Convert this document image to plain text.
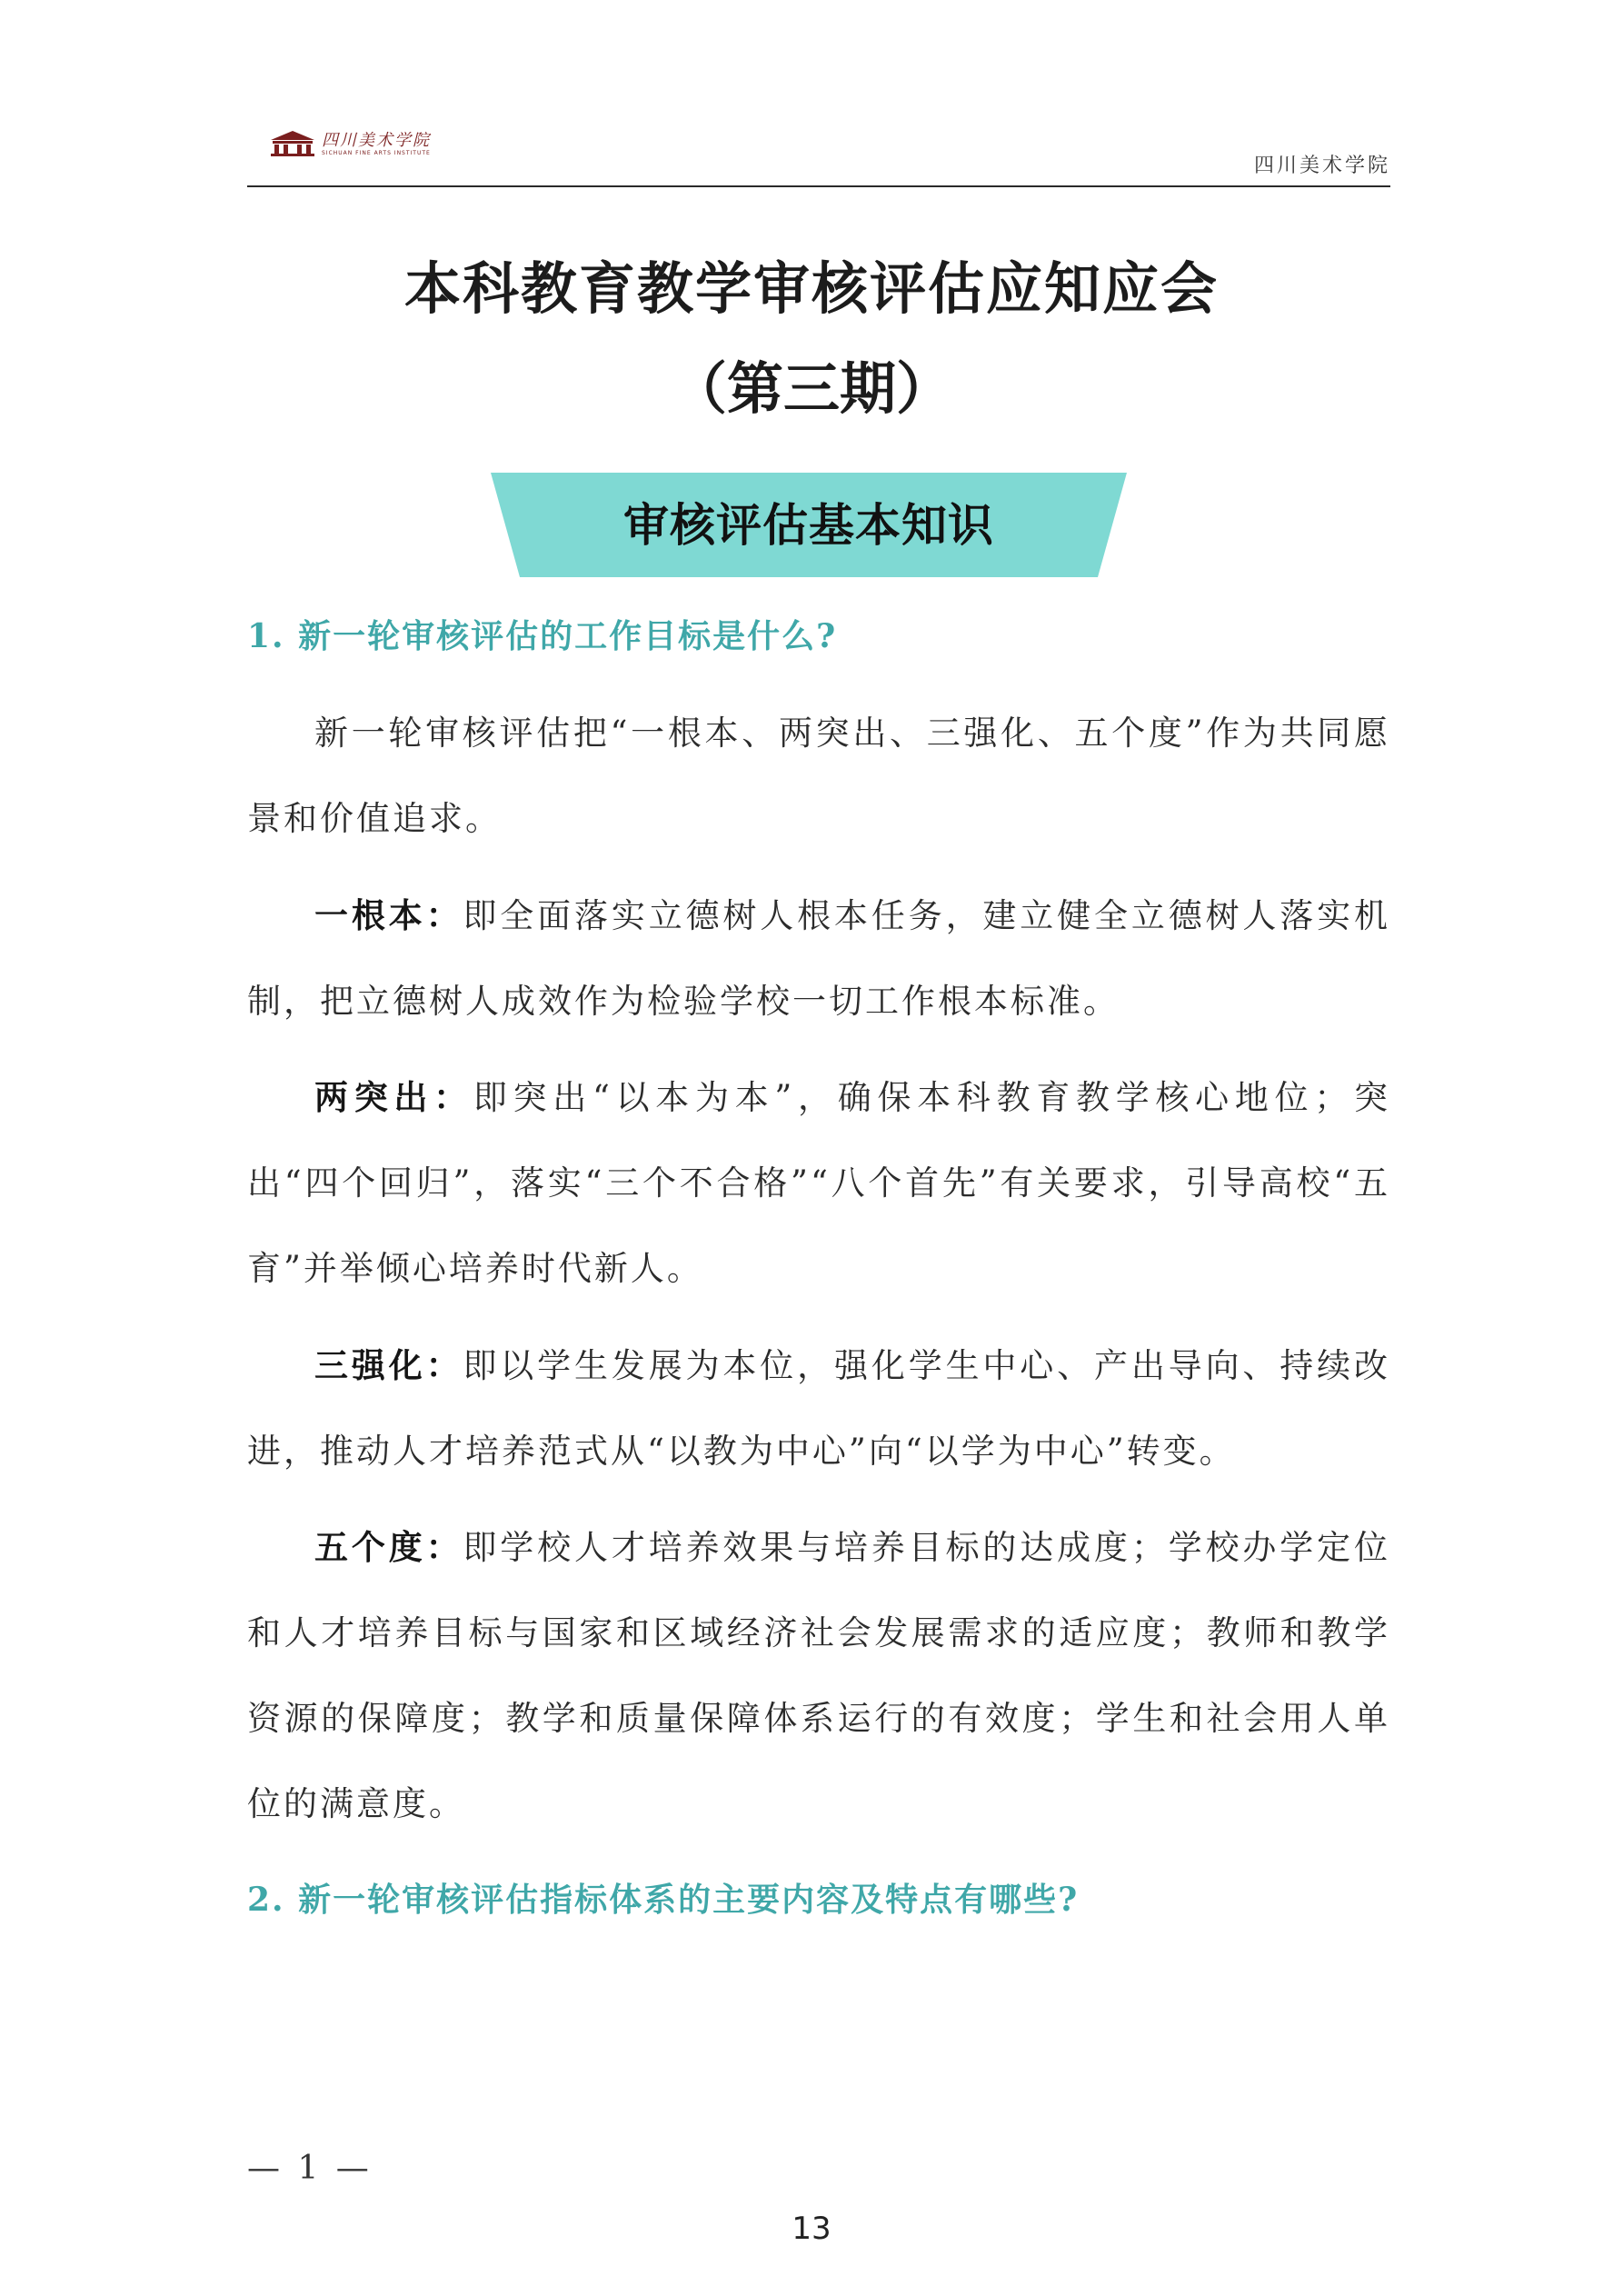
四川美术学院
SICHUAN FINE ARTS INSTITUTE
四川美术学院
本科教育教学审核评估应知应会
（第三期）
审核评估基本知识
1. 新一轮审核评估的工作目标是什么?
新一轮审核评估把“一根本、两突出、三强化、五个度”作为共同愿景和价值追求。
一根本：即全面落实立德树人根本任务，建立健全立德树人落实机制，把立德树人成效作为检验学校一切工作根本标准。
两突出：即突出“以本为本”，确保本科教育教学核心地位；突出“四个回归”，落实“三个不合格”“八个首先”有关要求，引导高校“五育”并举倾心培养时代新人。
三强化：即以学生发展为本位，强化学生中心、产出导向、持续改进，推动人才培养范式从“以教为中心”向“以学为中心”转变。
五个度：即学校人才培养效果与培养目标的达成度；学校办学定位和人才培养目标与国家和区域经济社会发展需求的适应度；教师和教学资源的保障度；教学和质量保障体系运行的有效度；学生和社会用人单位的满意度。
2. 新一轮审核评估指标体系的主要内容及特点有哪些?
— 1 —
13
